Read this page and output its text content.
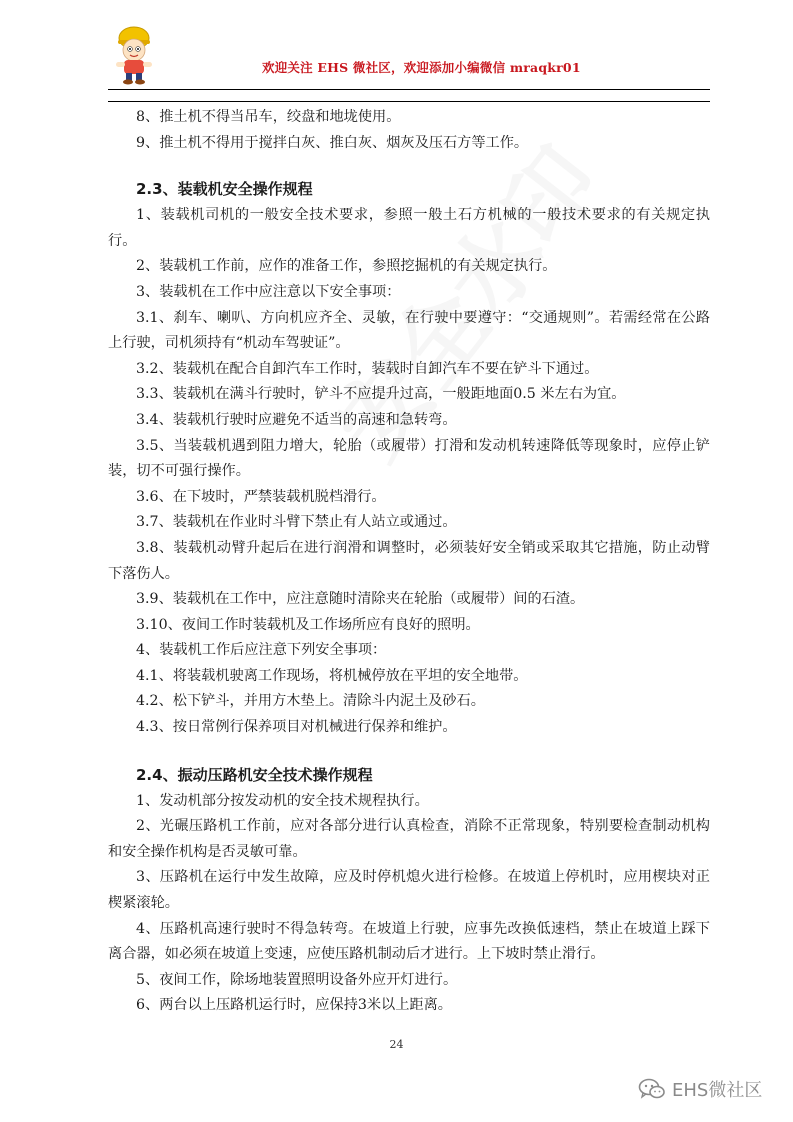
欢迎关注 EHS 微社区，欢迎添加小编微信 mraqkr01

8、推土机不得当吊车，绞盘和地垅使用。

9、推土机不得用于搅拌白灰、推白灰、烟灰及压石方等工作。

2.3、装载机安全操作规程

1、装载机司机的一般安全技术要求，参照一般土石方机械的一般技术要求的有关规定执行。

2、装载机工作前，应作的准备工作，参照挖掘机的有关规定执行。

3、装载机在工作中应注意以下安全事项：

3.1、刹车、喇叭、方向机应齐全、灵敏，在行驶中要遵守：“交通规则”。若需经常在公路上行驶，司机须持有“机动车驾驶证”。

3.2、装载机在配合自卸汽车工作时，装载时自卸汽车不要在铲斗下通过。

3.3、装载机在满斗行驶时，铲斗不应提升过高，一般距地面0.5 米左右为宜。

3.4、装载机行驶时应避免不适当的高速和急转弯。

3.5、当装载机遇到阻力增大，轮胎（或履带）打滑和发动机转速降低等现象时，应停止铲装，切不可强行操作。

3.6、在下坡时，严禁装载机脱档滑行。

3.7、装载机在作业时斗臂下禁止有人站立或通过。

3.8、装载机动臂升起后在进行润滑和调整时，必须装好安全销或采取其它措施，防止动臂下落伤人。

3.9、装载机在工作中，应注意随时清除夹在轮胎（或履带）间的石渣。

3.10、夜间工作时装载机及工作场所应有良好的照明。

4、装载机工作后应注意下列安全事项：

4.1、将装载机驶离工作现场，将机械停放在平坦的安全地带。

4.2、松下铲斗，并用方木垫上。清除斗内泥土及砂石。

4.3、按日常例行保养项目对机械进行保养和维护。

2.4、振动压路机安全技术操作规程

1、发动机部分按发动机的安全技术规程执行。

2、光碾压路机工作前，应对各部分进行认真检查，消除不正常现象，特别要检查制动机构和安全操作机构是否灵敏可靠。

3、压路机在运行中发生故障，应及时停机熄火进行检修。在坡道上停机时，应用楔块对正楔紧滚轮。

4、压路机高速行驶时不得急转弯。在坡道上行驶，应事先改换低速档，禁止在坡道上踩下离合器，如必须在坡道上变速，应使压路机制动后才进行。上下坡时禁止滑行。

5、夜间工作，除场地装置照明设备外应开灯进行。

6、两台以上压路机运行时，应保持3米以上距离。

24
EHS微社区
